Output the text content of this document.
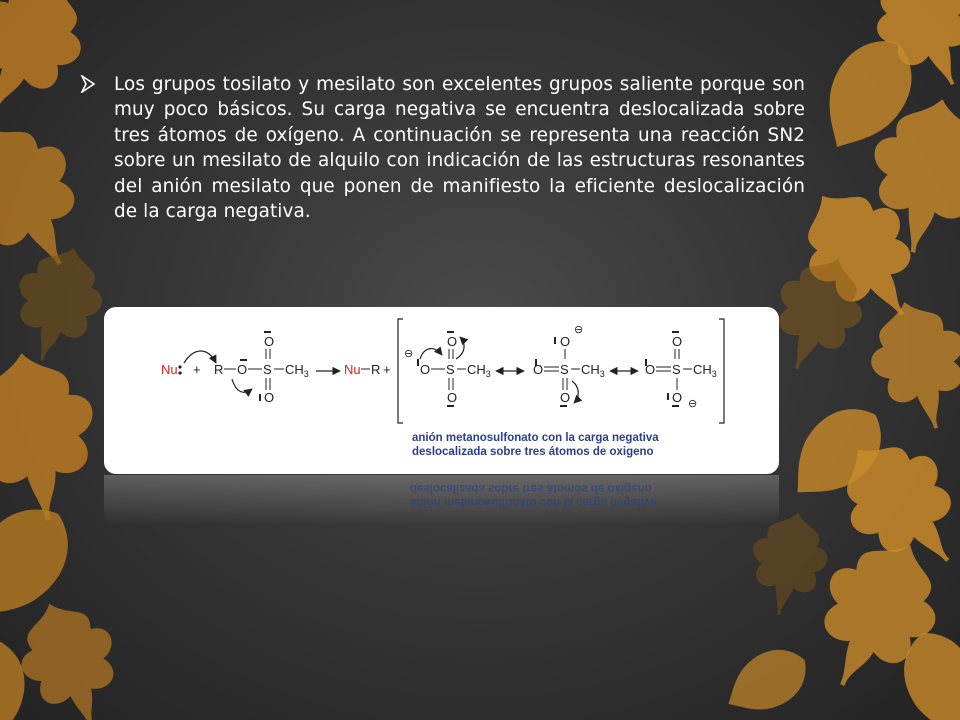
Los grupos tosilato y mesilato son excelentes grupos saliente porque son muy poco básicos. Su carga negativa se encuentra deslocalizada sobre tres átomos de oxígeno. A continuación se representa una reacción SN2 sobre un mesilato de alquilo con indicación de las estructuras resonantes del anión mesilato que ponen de manifiesto la eficiente deslocalización de la carga negativa.

Nu + R O S $CH_3$
O
O
Nu R +
⊖
O S $CH_3$
O
O
O S $CH_3$
O
⊖
O
O S $CH_3$
O
O ⊖
anión metanosulfonato con la carga negativa
deslocalizada sobre tres átomos de oxigeno
anión metanosulfonato con la carga negativa
deslocalizada sobre tres átomos de oxigeno
